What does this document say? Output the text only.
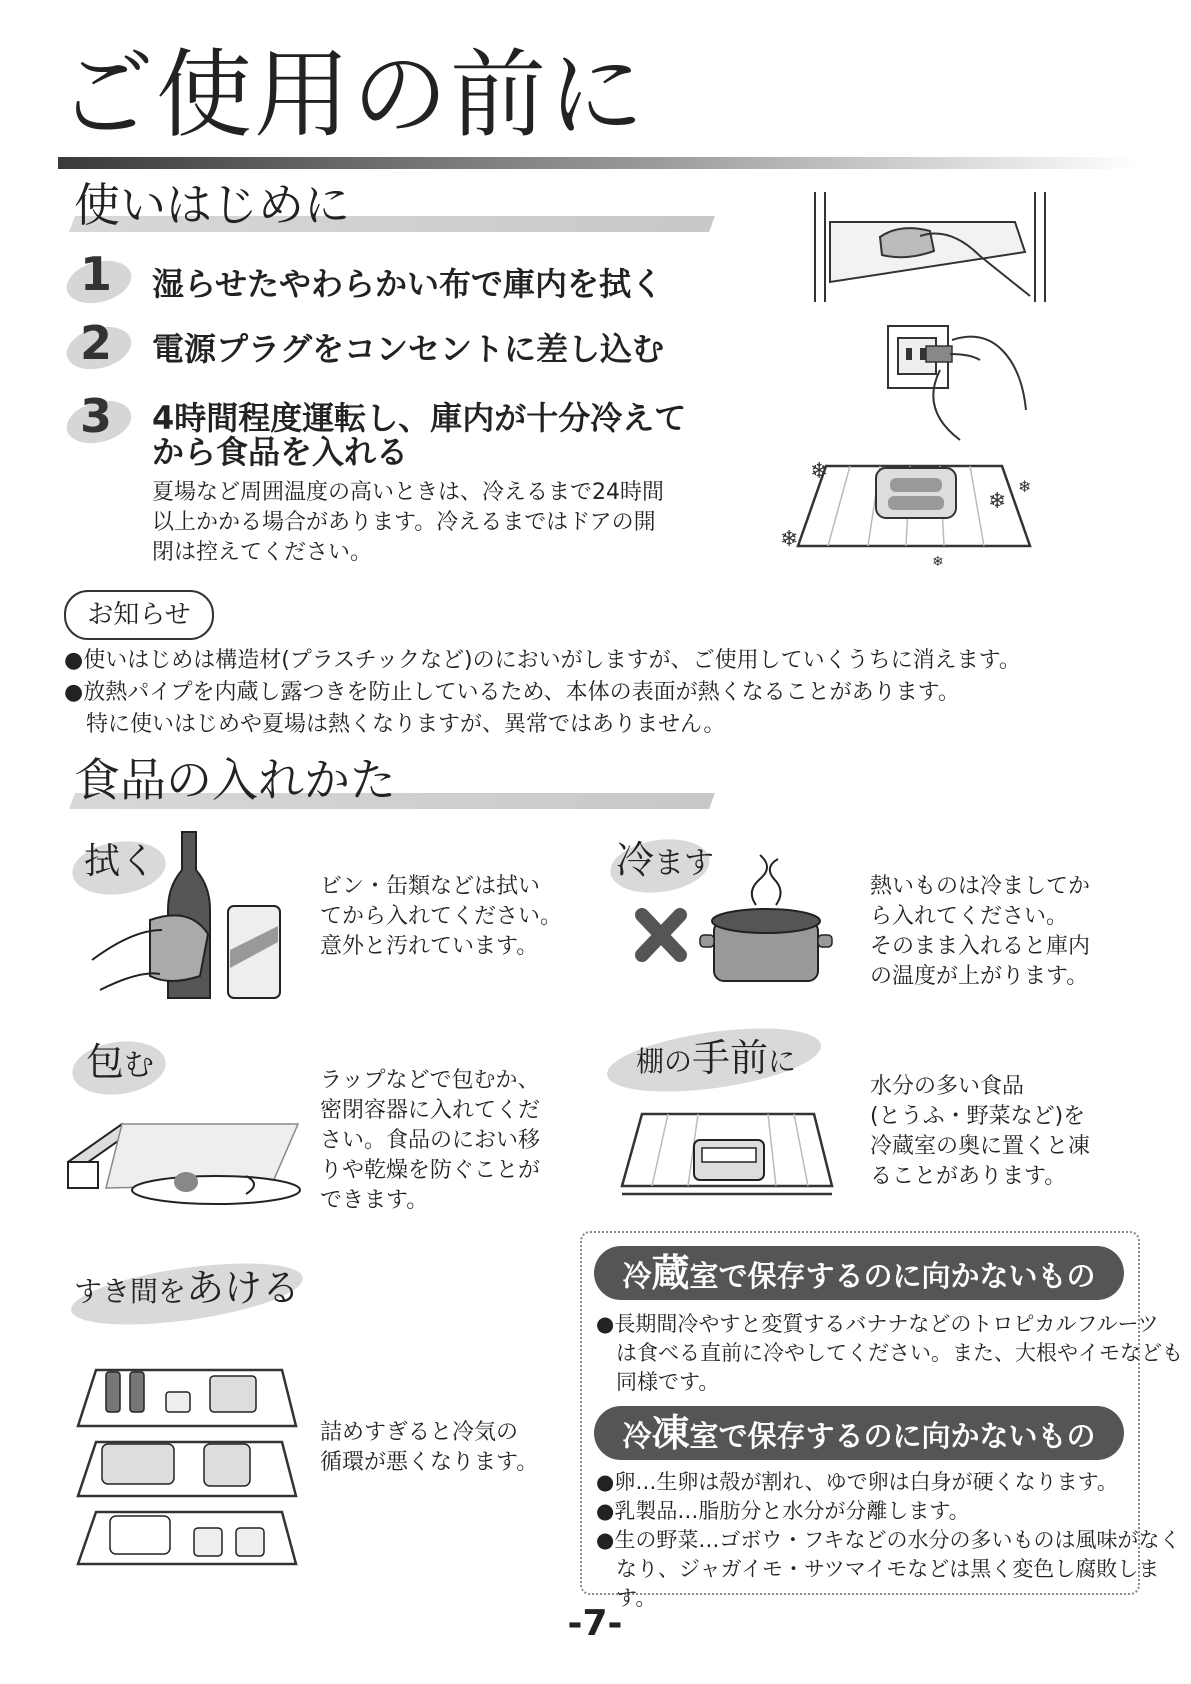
ご使用の前に
使いはじめに
1 湿らせたやわらかい布で庫内を拭く
2 電源プラグをコンセントに差し込む
3 4時間程度運転し、庫内が十分冷えて
から食品を入れる
夏場など周囲温度の高いときは、冷えるまで24時間
以上かかる場合があります。冷えるまではドアの開
閉は控えてください。
❄
❄
❄
❄
❄
お知らせ
●使いはじめは構造材(プラスチックなど)のにおいがしますが、ご使用していくうちに消えます。
●放熱パイプを内蔵し露つきを防止しているため、本体の表面が熱くなることがあります。
特に使いはじめや夏場は熱くなりますが、異常ではありません。
食品の入れかた
拭く
ビン・缶類などは拭い
てから入れてください。
意外と汚れています。
冷ます
熱いものは冷ましてか
ら入れてください。
そのまま入れると庫内
の温度が上がります。
包む	ラップなどで包むか、
密閉容器に入れてくだ
さい。食品のにおい移
りや乾燥を防ぐことが
できます。
棚の手前に
水分の多い食品
(とうふ・野菜など)を
冷蔵室の奥に置くと凍
ることがあります。
すき間をあける
詰めすぎると冷気の
循環が悪くなります。
冷蔵室で保存するのに向かないもの
●長期間冷やすと変質するバナナなどのトロピカルフルーツ
は食べる直前に冷やしてください。また、大根やイモなども
同様です。
冷凍室で保存するのに向かないもの
●卵…生卵は殻が割れ、ゆで卵は白身が硬くなります。
●乳製品…脂肪分と水分が分離します。
●生の野菜…ゴボウ・フキなどの水分の多いものは風味がなく
なり、ジャガイモ・サツマイモなどは黒く変色し腐敗します。
-7-
